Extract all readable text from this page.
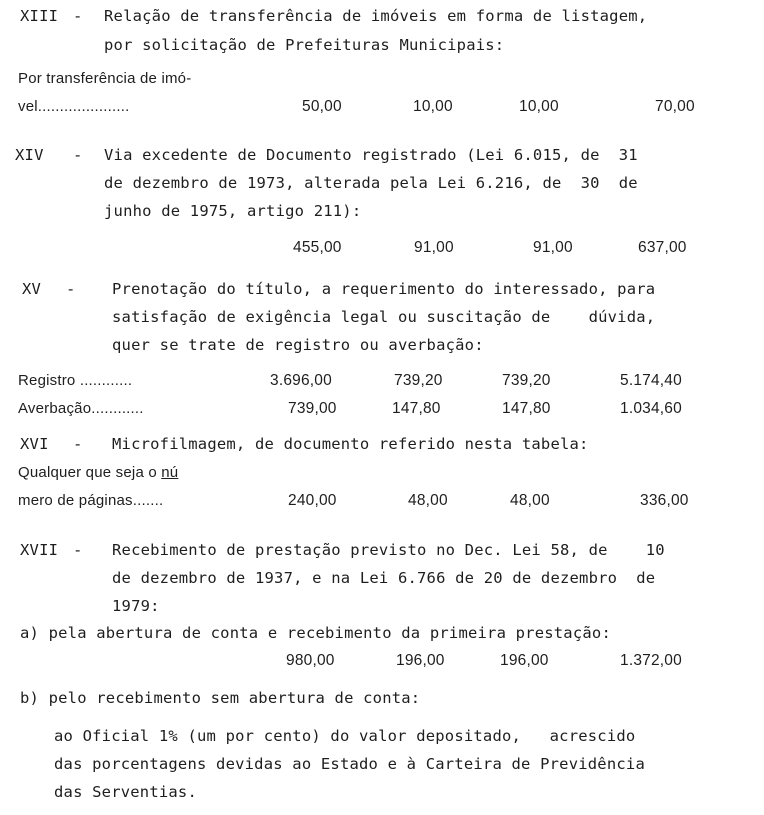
XIII - Relação de transferência de imóveis em forma de listagem,
por solicitação de Prefeituras Municipais:
Por transferência de imó-
vel.....................	50,00	10,00	10,00	70,00
XIV - Via excedente de Documento registrado (Lei 6.015, de  31
de dezembro de 1973, alterada pela Lei 6.216, de  30  de
junho de 1975, artigo 211):
455,00	91,00	91,00	637,00
XV - Prenotação do título, a requerimento do interessado, para
satisfação de exigência legal ou suscitação de    dúvida,
quer se trate de registro ou averbação:
Registro ............	3.696,00	739,20	739,20	5.174,40
Averbação............	739,00	147,80	147,80	1.034,60
XVI - Microfilmagem, de documento referido nesta tabela:
Qualquer que seja o nú
mero de páginas.......	240,00	48,00	48,00	336,00
XVII - Recebimento de prestação previsto no Dec. Lei 58, de    10
de dezembro de 1937, e na Lei 6.766 de 20 de dezembro  de
1979:
a) pela abertura de conta e recebimento da primeira prestação:
980,00	196,00	196,00	1.372,00
b) pelo recebimento sem abertura de conta:
ao Oficial 1% (um por cento) do valor depositado,   acrescido
das porcentagens devidas ao Estado e à Carteira de Previdência
das Serventias.
